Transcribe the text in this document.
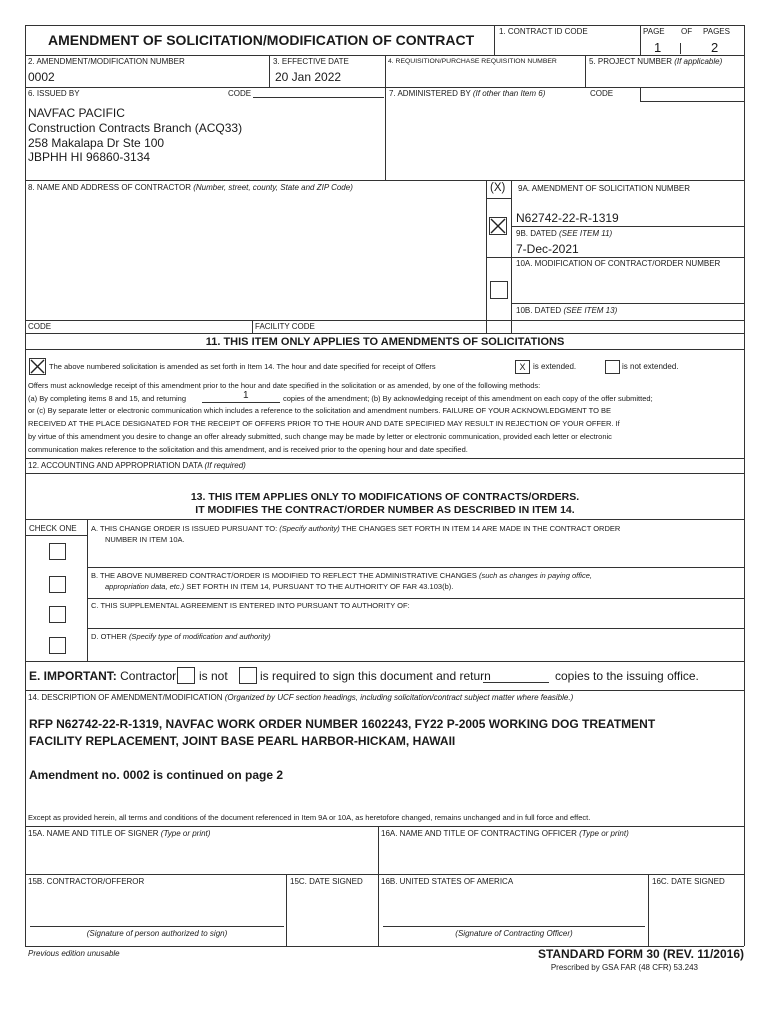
AMENDMENT OF SOLICITATION/MODIFICATION OF CONTRACT
1. CONTRACT ID CODE	PAGE OF PAGES
1	2
2. AMENDMENT/MODIFICATION NUMBER
0002
3. EFFECTIVE DATE
20 Jan 2022
4. REQUISITION/PURCHASE REQUISITION NUMBER	5. PROJECT NUMBER (If applicable)
6. ISSUED BY	CODE
NAVFAC PACIFIC
Construction Contracts Branch (ACQ33)
258 Makalapa Dr Ste 100
JBPHH HI 96860-3134
7. ADMINISTERED BY (If other than Item 6)	CODE
8. NAME AND ADDRESS OF CONTRACTOR (Number, street, county, State and ZIP Code)	(X) 9A. AMENDMENT OF SOLICITATION NUMBER
N62742-22-R-1319
9B. DATED (SEE ITEM 11)
7-Dec-2021
10A. MODIFICATION OF CONTRACT/ORDER NUMBER
10B. DATED (SEE ITEM 13)
CODE	FACILITY CODE
11. THIS ITEM ONLY APPLIES TO AMENDMENTS OF SOLICITATIONS
The above numbered solicitation is amended as set forth in Item 14. The hour and date specified for receipt of Offers	X is extended.	is not extended.
Offers must acknowledge receipt of this amendment prior to the hour and date specified in the solicitation or as amended, by one of the following methods:
(a) By completing items 8 and 15, and returning	1	copies of the amendment; (b) By acknowledging receipt of this amendment on each copy of the offer submitted;
or (c) By separate letter or electronic communication which includes a reference to the solicitation and amendment numbers. FAILURE OF YOUR ACKNOWLEDGMENT TO BE
RECEIVED AT THE PLACE DESIGNATED FOR THE RECEIPT OF OFFERS PRIOR TO THE HOUR AND DATE SPECIFIED MAY RESULT IN REJECTION OF YOUR OFFER. If
by virtue of this amendment you desire to change an offer already submitted, such change may be made by letter or electronic communication, provided each letter or electronic
communication makes reference to the solicitation and this amendment, and is received prior to the opening hour and date specified.
12. ACCOUNTING AND APPROPRIATION DATA (If required)
13. THIS ITEM APPLIES ONLY TO MODIFICATIONS OF CONTRACTS/ORDERS.
IT MODIFIES THE CONTRACT/ORDER NUMBER AS DESCRIBED IN ITEM 14.
CHECK ONE A. THIS CHANGE ORDER IS ISSUED PURSUANT TO: (Specify authority) THE CHANGES SET FORTH IN ITEM 14 ARE MADE IN THE CONTRACT ORDER
NUMBER IN ITEM 10A.
B. THE ABOVE NUMBERED CONTRACT/ORDER IS MODIFIED TO REFLECT THE ADMINISTRATIVE CHANGES (such as changes in paying office,
appropriation data, etc.) SET FORTH IN ITEM 14, PURSUANT TO THE AUTHORITY OF FAR 43.103(b).
C. THIS SUPPLEMENTAL AGREEMENT IS ENTERED INTO PURSUANT TO AUTHORITY OF:
D. OTHER (Specify type of modification and authority)
E. IMPORTANT: Contractor is not	is required to sign this document and return	copies to the issuing office.
14. DESCRIPTION OF AMENDMENT/MODIFICATION (Organized by UCF section headings, including solicitation/contract subject matter where feasible.)
RFP N62742-22-R-1319, NAVFAC WORK ORDER NUMBER 1602243, FY22 P-2005 WORKING DOG TREATMENT
FACILITY REPLACEMENT, JOINT BASE PEARL HARBOR-HICKAM, HAWAII
Amendment no. 0002 is continued on page 2
Except as provided herein, all terms and conditions of the document referenced in Item 9A or 10A, as heretofore changed, remains unchanged and in full force and effect.
15A. NAME AND TITLE OF SIGNER (Type or print)	16A. NAME AND TITLE OF CONTRACTING OFFICER (Type or print)
15B. CONTRACTOR/OFFEROR	15C. DATE SIGNED 16B. UNITED STATES OF AMERICA	16C. DATE SIGNED
(Signature of person authorized to sign)	(Signature of Contracting Officer)
Previous edition unusable	STANDARD FORM 30 (REV. 11/2016)
Prescribed by GSA FAR (48 CFR) 53.243
